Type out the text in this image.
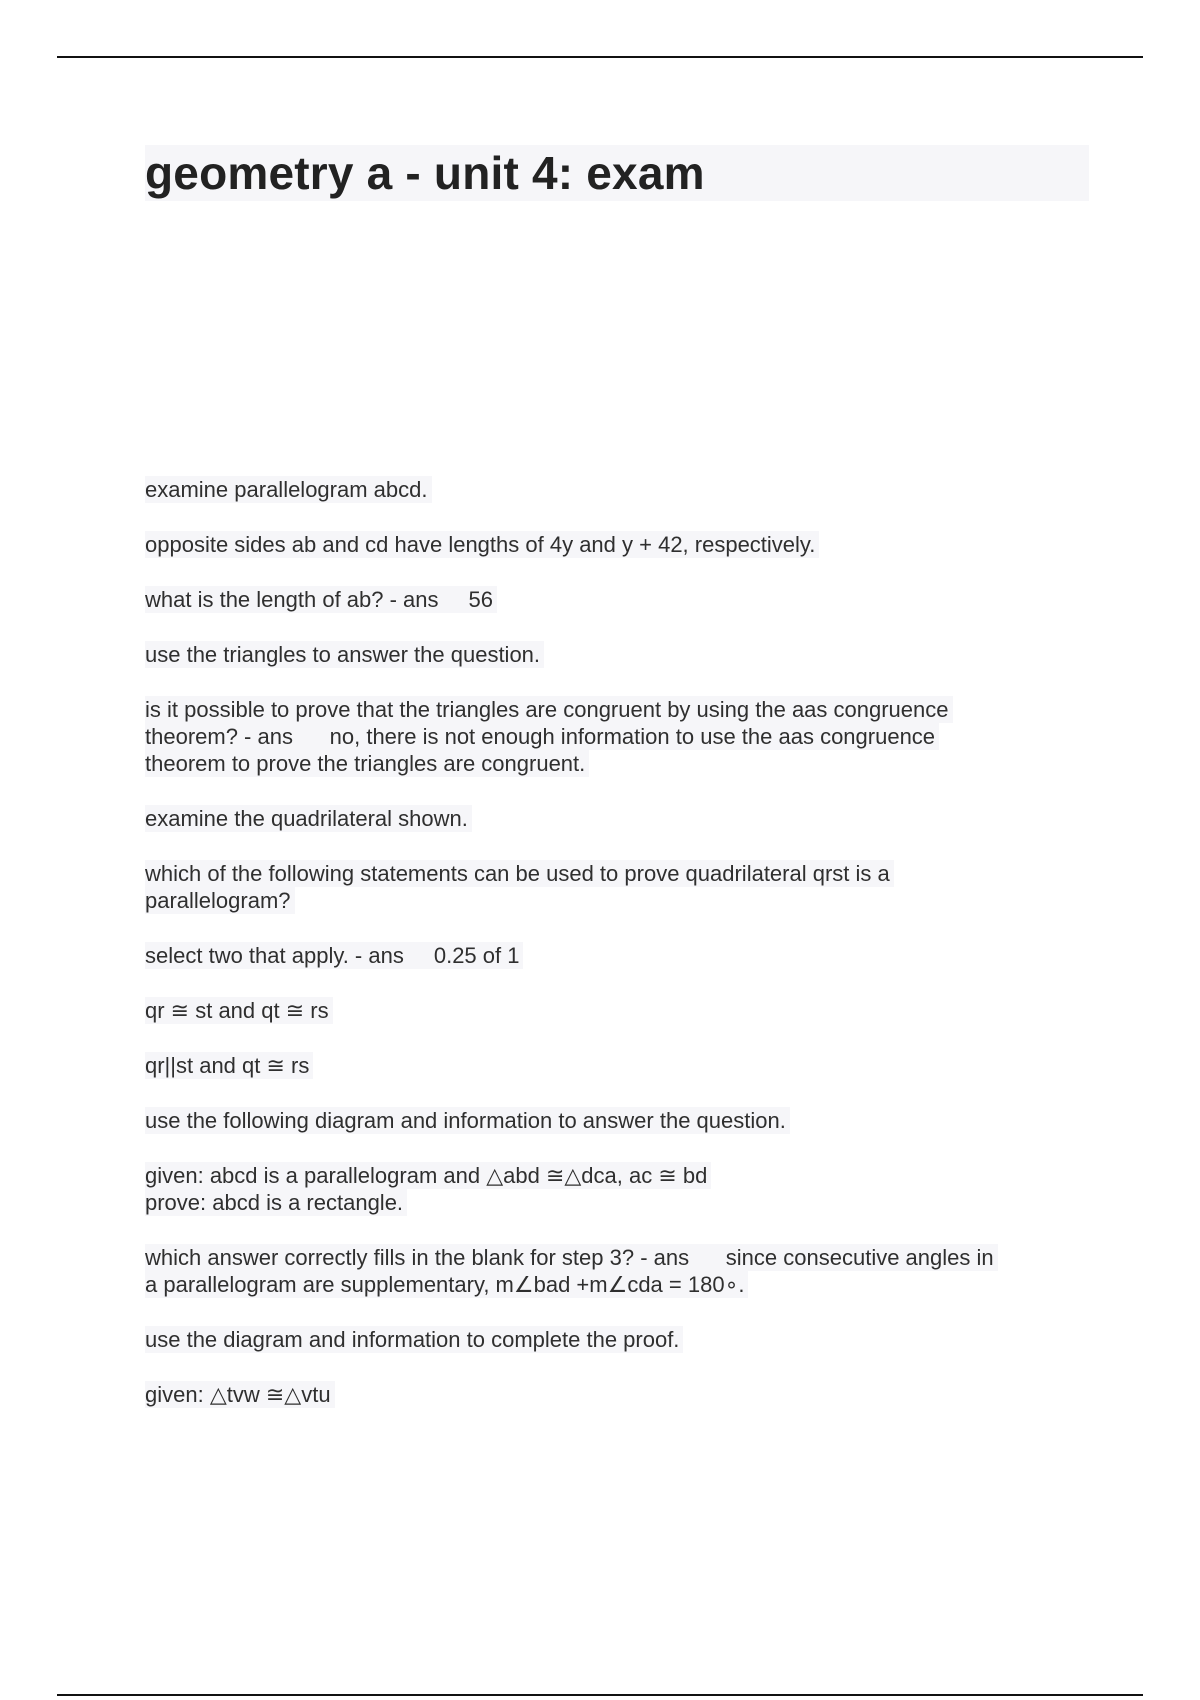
geometry a - unit 4: exam

examine parallelogram abcd.

opposite sides ab and cd have lengths of 4y and y + 42, respectively.

what is the length of ab? - ans 56

use the triangles to answer the question.

is it possible to prove that the triangles are congruent by using the aas congruence
theorem? - ans      no, there is not enough information to use the aas congruence
theorem to prove the triangles are congruent.

examine the quadrilateral shown.

which of the following statements can be used to prove quadrilateral qrst is a
parallelogram?

select two that apply. - ans 0.25 of 1

qr ≅ st and qt ≅ rs

qr||st and qt ≅ rs

use the following diagram and information to answer the question.

given: abcd is a parallelogram and △abd ≅△dca, ac ≅ bd
prove: abcd is a rectangle.

which answer correctly fills in the blank for step 3? - ans      since consecutive angles in
a parallelogram are supplementary, m∠bad +m∠cda = 180∘.

use the diagram and information to complete the proof.

given: △tvw ≅△vtu
